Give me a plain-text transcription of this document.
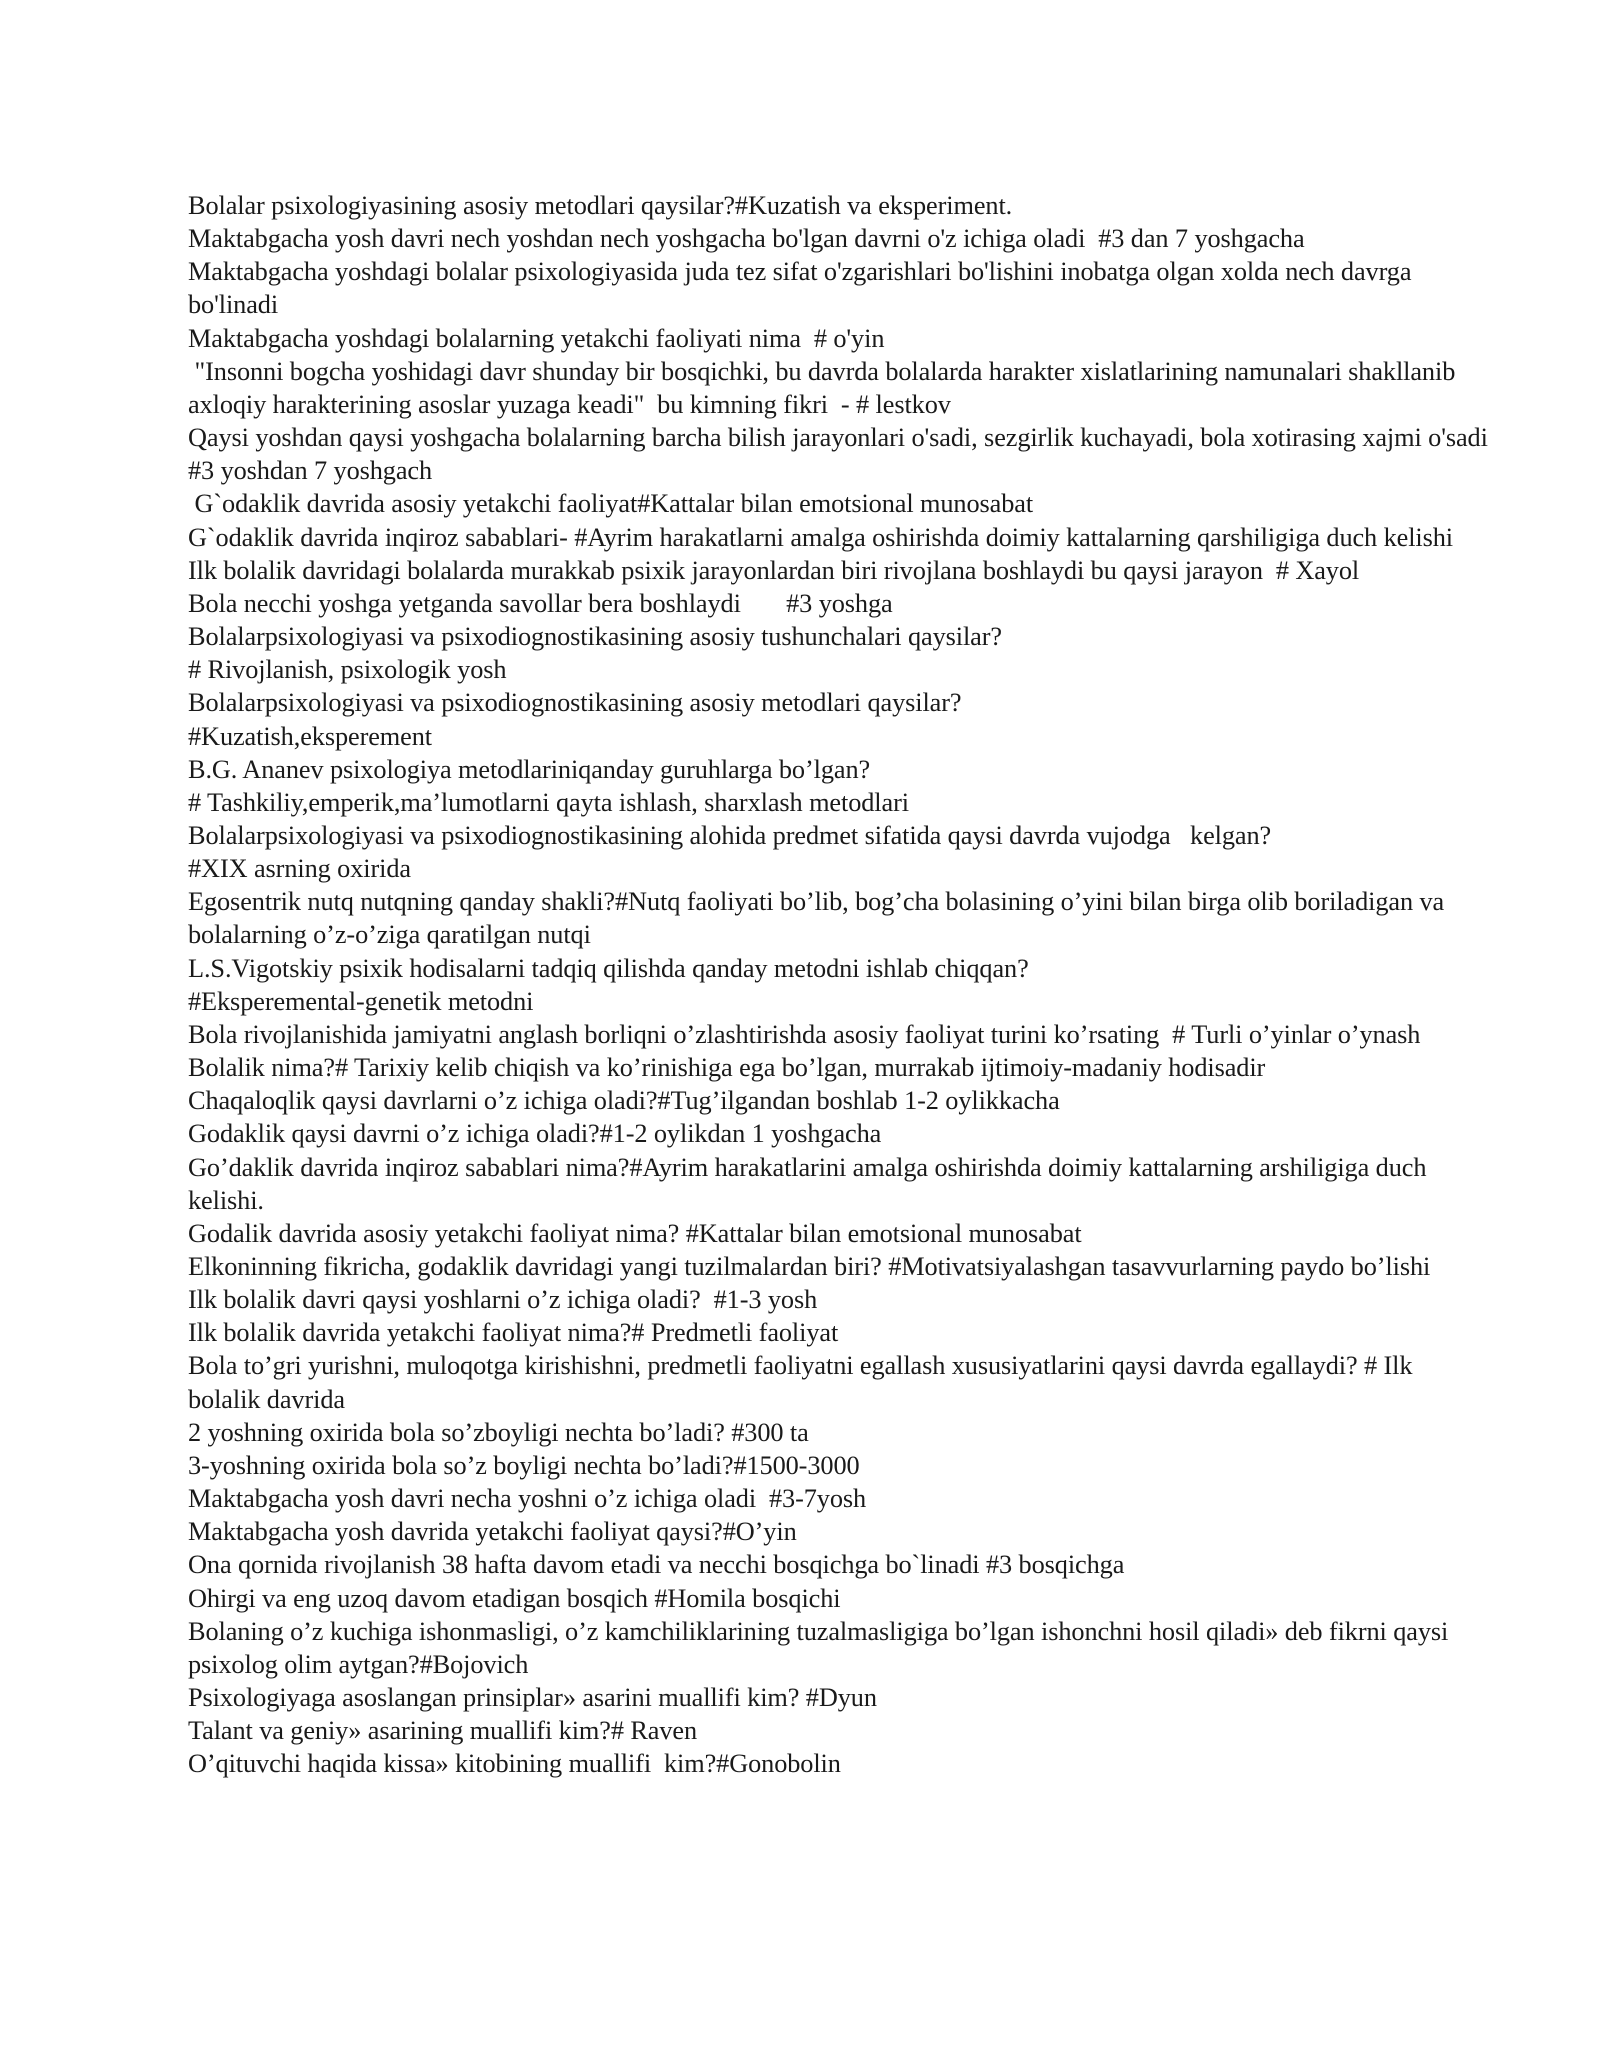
Bolalar psixologiyasining asosiy metodlari qaysilar?#Kuzatish va eksperiment.

Maktabgacha yosh davri nech yoshdan nech yoshgacha bo'lgan davrni o'z ichiga oladi  #3 dan 7 yoshgacha

Maktabgacha yoshdagi bolalar psixologiyasida juda tez sifat o'zgarishlari bo'lishini inobatga olgan xolda nech davrga bo'linadi

Maktabgacha yoshdagi bolalarning yetakchi faoliyati nima  # o'yin

"Insonni bogcha yoshidagi davr shunday bir bosqichki, bu davrda bolalarda harakter xislatlarining namunalari shakllanib axloqiy harakterining asoslar yuzaga keadi"  bu kimning fikri  - # lestkov

Qaysi yoshdan qaysi yoshgacha bolalarning barcha bilish jarayonlari o'sadi, sezgirlik kuchayadi, bola xotirasing xajmi o'sadi #3 yoshdan 7 yoshgach

G`odaklik davrida asosiy yetakchi faoliyat#Kattalar bilan emotsional munosabat

G`odaklik davrida inqiroz sabablari- #Ayrim harakatlarni amalga oshirishda doimiy kattalarning qarshiligiga duch kelishi

Ilk bolalik davridagi bolalarda murakkab psixik jarayonlardan biri rivojlana boshlaydi bu qaysi jarayon  # Xayol

Bola necchi yoshga yetganda savollar bera boshlaydi       #3 yoshga

Bolalarpsixologiyasi va psixodiognostikasining asosiy tushunchalari qaysilar?

# Rivojlanish, psixologik yosh

Bolalarpsixologiyasi va psixodiognostikasining asosiy metodlari qaysilar?

#Kuzatish,eksperement

B.G. Ananev psixologiya metodlariniqanday guruhlarga bo’lgan?

# Tashkiliy,emperik,ma’lumotlarni qayta ishlash, sharxlash metodlari

Bolalarpsixologiyasi va psixodiognostikasining alohida predmet sifatida qaysi davrda vujodga   kelgan?

#XIX asrning oxirida

Egosentrik nutq nutqning qanday shakli?#Nutq faoliyati bo’lib, bog’cha bolasining o’yini bilan birga olib boriladigan va bolalarning o’z-o’ziga qaratilgan nutqi

L.S.Vigotskiy psixik hodisalarni tadqiq qilishda qanday metodni ishlab chiqqan?

#Eksperemental-genetik metodni

Bola rivojlanishida jamiyatni anglash borliqni o’zlashtirishda asosiy faoliyat turini ko’rsating  # Turli o’yinlar o’ynash

Bolalik nima?# Tarixiy kelib chiqish va ko’rinishiga ega bo’lgan, murrakab ijtimoiy-madaniy hodisadir

Chaqaloqlik qaysi davrlarni o’z ichiga oladi?#Tug’ilgandan boshlab 1-2 oylikkacha

Godaklik qaysi davrni o’z ichiga oladi?#1-2 oylikdan 1 yoshgacha

Go’daklik davrida inqiroz sabablari nima?#Ayrim harakatlarini amalga oshirishda doimiy kattalarning arshiligiga duch kelishi.

Godalik davrida asosiy yetakchi faoliyat nima? #Kattalar bilan emotsional munosabat

Elkoninning fikricha, godaklik davridagi yangi tuzilmalardan biri? #Motivatsiyalashgan tasavvurlarning paydo bo’lishi

Ilk bolalik davri qaysi yoshlarni o’z ichiga oladi?  #1-3 yosh

Ilk bolalik davrida yetakchi faoliyat nima?# Predmetli faoliyat

Bola to’gri yurishni, muloqotga kirishishni, predmetli faoliyatni egallash xususiyatlarini qaysi davrda egallaydi? # Ilk bolalik davrida

2 yoshning oxirida bola so’zboyligi nechta bo’ladi? #300 ta

3-yoshning oxirida bola so’z boyligi nechta bo’ladi?#1500-3000

Maktabgacha yosh davri necha yoshni o’z ichiga oladi  #3-7yosh

Maktabgacha yosh davrida yetakchi faoliyat qaysi?#O’yin

Ona qornida rivojlanish 38 hafta davom etadi va necchi bosqichga bo`linadi #3 bosqichga

Ohirgi va eng uzoq davom etadigan bosqich #Homila bosqichi

Bolaning o’z kuchiga ishonmasligi, o’z kamchiliklarining tuzalmasligiga bo’lgan ishonchni hosil qiladi» deb fikrni qaysi psixolog olim aytgan?#Bojovich

Psixologiyaga asoslangan prinsiplar» asarini muallifi kim? #Dyun

Talant va geniy» asarining muallifi kim?# Raven

O’qituvchi haqida kissa» kitobining muallifi  kim?#Gonobolin
